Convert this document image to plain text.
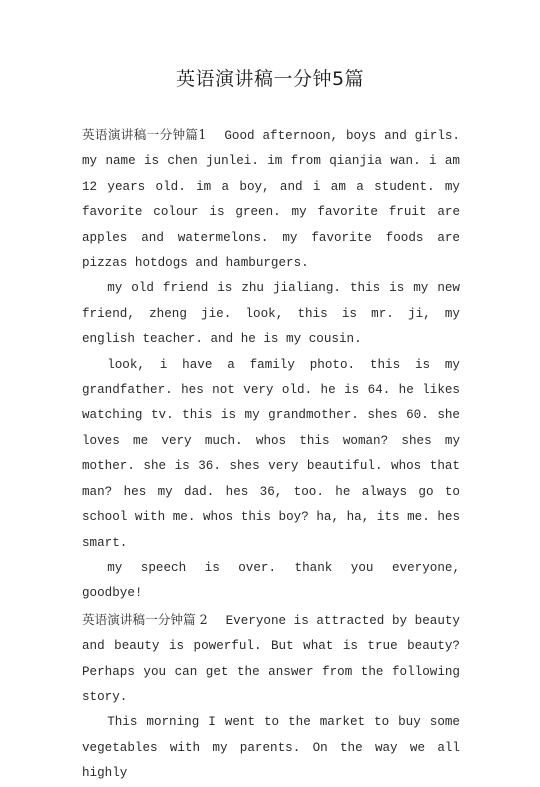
英语演讲稿一分钟5篇

英语演讲稿一分钟篇1 Good afternoon, boys and girls. my name is chen junlei. im from qianjia wan. i am 12 years old. im a boy, and i am a student. my favorite colour is green. my favorite fruit are apples and watermelons. my favorite foods are pizzas hotdogs and hamburgers.

my old friend is zhu jialiang. this is my new friend, zheng jie. look, this is mr. ji, my english teacher. and he is my cousin.

look, i have a family photo. this is my grandfather. hes not very old. he is 64. he likes watching tv. this is my grandmother. shes 60. she loves me very much. whos this woman? shes my mother. she is 36. shes very beautiful. whos that man? hes my dad. hes 36, too. he always go to school with me. whos this boy? ha, ha, its me. hes smart.

my speech is over. thank you everyone, goodbye!

英语演讲稿一分钟篇 2 Everyone is attracted by beauty and beauty is powerful. But what is true beauty? Perhaps you can get the answer from the following story.

This morning I went to the market to buy some vegetables with my parents. On the way we all highly
